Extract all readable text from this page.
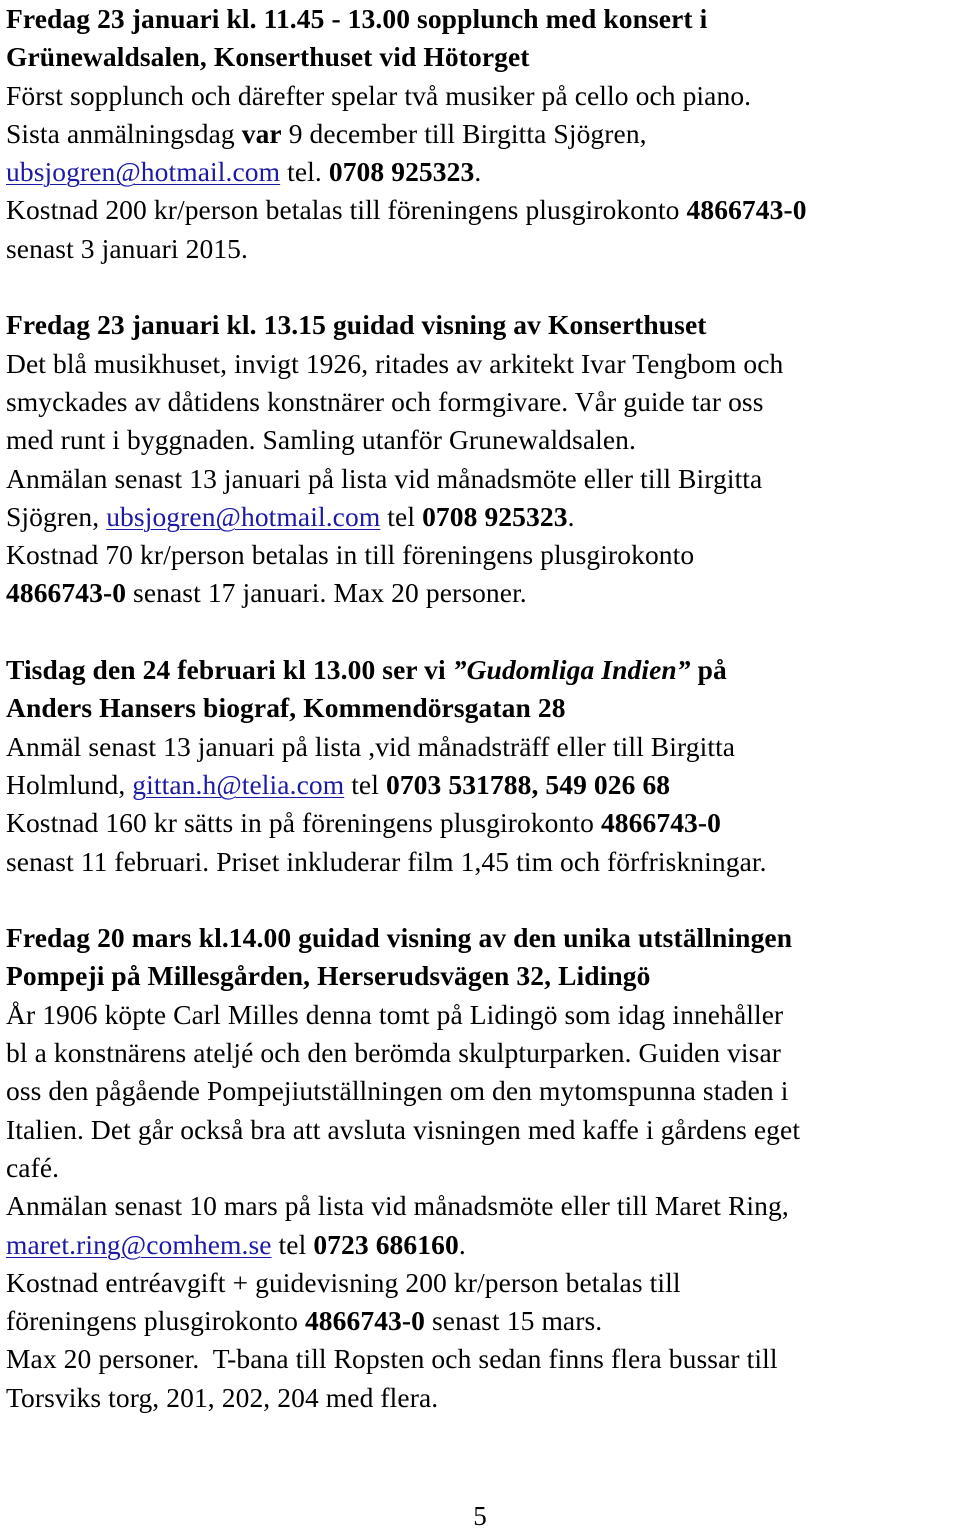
Fredag 23 januari kl. 11.45 - 13.00 sopplunch med konsert i
Grünewaldsalen, Konserthuset vid Hötorget
Först sopplunch och därefter spelar två musiker på cello och piano.
Sista anmälningsdag var 9 december till Birgitta Sjögren,
ubsjogren@hotmail.com tel. 0708 925323.
Kostnad 200 kr/person betalas till föreningens plusgirokonto 4866743-0
senast 3 januari 2015.
Fredag 23 januari kl. 13.15 guidad visning av Konserthuset
Det blå musikhuset, invigt 1926, ritades av arkitekt Ivar Tengbom och
smyckades av dåtidens konstnärer och formgivare. Vår guide tar oss
med runt i byggnaden. Samling utanför Grunewaldsalen.
Anmälan senast 13 januari på lista vid månadsmöte eller till Birgitta
Sjögren, ubsjogren@hotmail.com tel 0708 925323.
Kostnad 70 kr/person betalas in till föreningens plusgirokonto
4866743-0 senast 17 januari. Max 20 personer.
Tisdag den 24 februari kl 13.00 ser vi ”Gudomliga Indien” på
Anders Hansers biograf, Kommendörsgatan 28
Anmäl senast 13 januari på lista ,vid månadsträff eller till Birgitta
Holmlund, gittan.h@telia.com tel 0703 531788, 549 026 68
Kostnad 160 kr sätts in på föreningens plusgirokonto 4866743-0
senast 11 februari. Priset inkluderar film 1,45 tim och förfriskningar.
Fredag 20 mars kl.14.00 guidad visning av den unika utställningen
Pompeji på Millesgården, Herserudsvägen 32, Lidingö
År 1906 köpte Carl Milles denna tomt på Lidingö som idag innehåller
bl a konstnärens ateljé och den berömda skulpturparken. Guiden visar
oss den pågående Pompejiutställningen om den mytomspunna staden i
Italien. Det går också bra att avsluta visningen med kaffe i gårdens eget
café.
Anmälan senast 10 mars på lista vid månadsmöte eller till Maret Ring,
maret.ring@comhem.se tel 0723 686160.
Kostnad entréavgift + guidevisning 200 kr/person betalas till
föreningens plusgirokonto 4866743-0 senast 15 mars.
Max 20 personer.  T-bana till Ropsten och sedan finns flera bussar till
Torsviks torg, 201, 202, 204 med flera.
5
